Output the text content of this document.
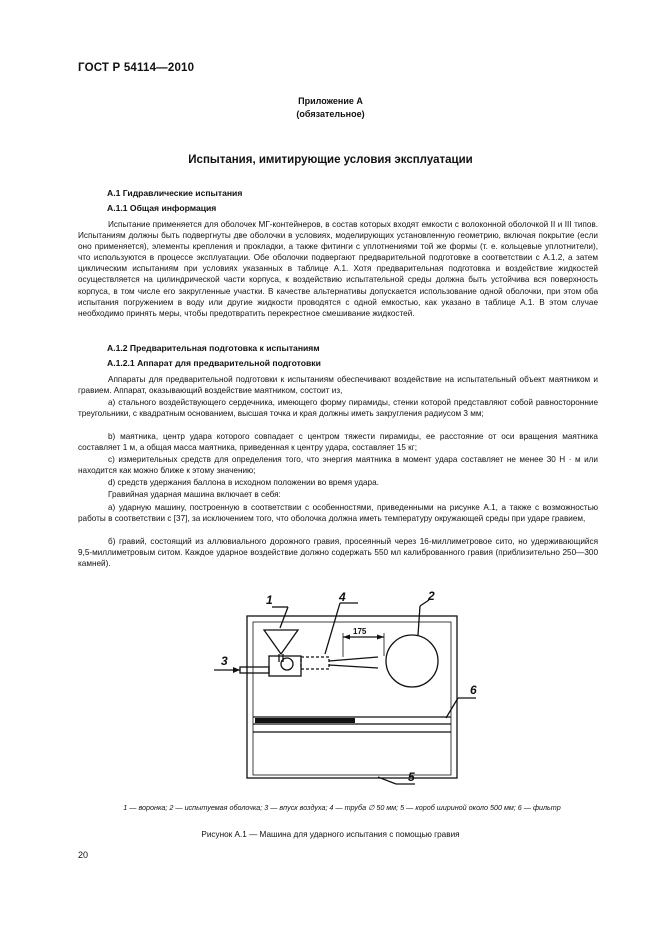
ГОСТ Р 54114—2010
Приложение А
(обязательное)
Испытания, имитирующие условия эксплуатации
А.1 Гидравлические испытания
А.1.1 Общая информация
Испытание применяется для оболочек МГ-контейнеров, в состав которых входят емкости с волоконной оболочкой II и III типов. Испытаниям должны быть подвергнуты две оболочки в условиях, моделирующих установленную геометрию, включая покрытие (если оно применяется), элементы крепления и прокладки, а также фитинги с уплотнениями той же формы (т. е. кольцевые уплотнители), что используются в процессе эксплуатации. Обе оболочки подвергают предварительной подготовке в соответствии с А.1.2, а затем циклическим испытаниям при условиях указанных в таблице А.1. Хотя предварительная подготовка и воздействие жидкостей осуществляется на цилиндрической части корпуса, к воздействию испытательной среды должна быть устойчива вся поверхность корпуса, в том числе его закругленные участки. В качестве альтернативы допускается использование одной оболочки, при этом оба испытания погружением в воду или другие жидкости проводятся с одной емкостью, как указано в таблице А.1. В этом случае необходимо принять меры, чтобы предотвратить перекрестное смешивание жидкостей.
А.1.2 Предварительная подготовка к испытаниям
А.1.2.1 Аппарат для предварительной подготовки
Аппараты для предварительной подготовки к испытаниям обеспечивают воздействие на испытательный объект маятником и гравием. Аппарат, оказывающий воздействие маятником, состоит из,
а) стального воздействующего сердечника, имеющего форму пирамиды, стенки которой представляют собой равносторонние треугольники, с квадратным основанием, высшая точка и края должны иметь закругления радиусом 3 мм;
b) маятника, центр удара которого совпадает с центром тяжести пирамиды, ее расстояние от оси вращения маятника составляет 1 м, а общая масса маятника, приведенная к центру удара, составляет 15 кг;
c) измерительных средств для определения того, что энергия маятника в момент удара составляет не менее 30 Н · м или находится как можно ближе к этому значению;
d) средств удержания баллона в исходном положении во время удара.
Гравийная ударная машина включает в себя:
а) ударную машину, построенную в соответствии с особенностями, приведенными на рисунке А.1, а также с возможностью работы в соответствии с [37], за исключением того, что оболочка должна иметь температуру окружающей среды при ударе гравием,
б) гравий, состоящий из аллювиального дорожного гравия, просеянный через 16-миллиметровое сито, но удерживающийся 9,5-миллиметровым ситом. Каждое ударное воздействие должно содержать 550 мл калиброванного гравия (приблизительно 250—300 камней).
1	4	2
3
6
5
175
1 — воронка; 2 — испытуемая оболочка; 3 — впуск воздуха; 4 — труба ∅ 50 мм; 5 — короб шириной около 500 мм; 6 — фильтр
Рисунок А.1 — Машина для ударного испытания с помощью гравия
20
